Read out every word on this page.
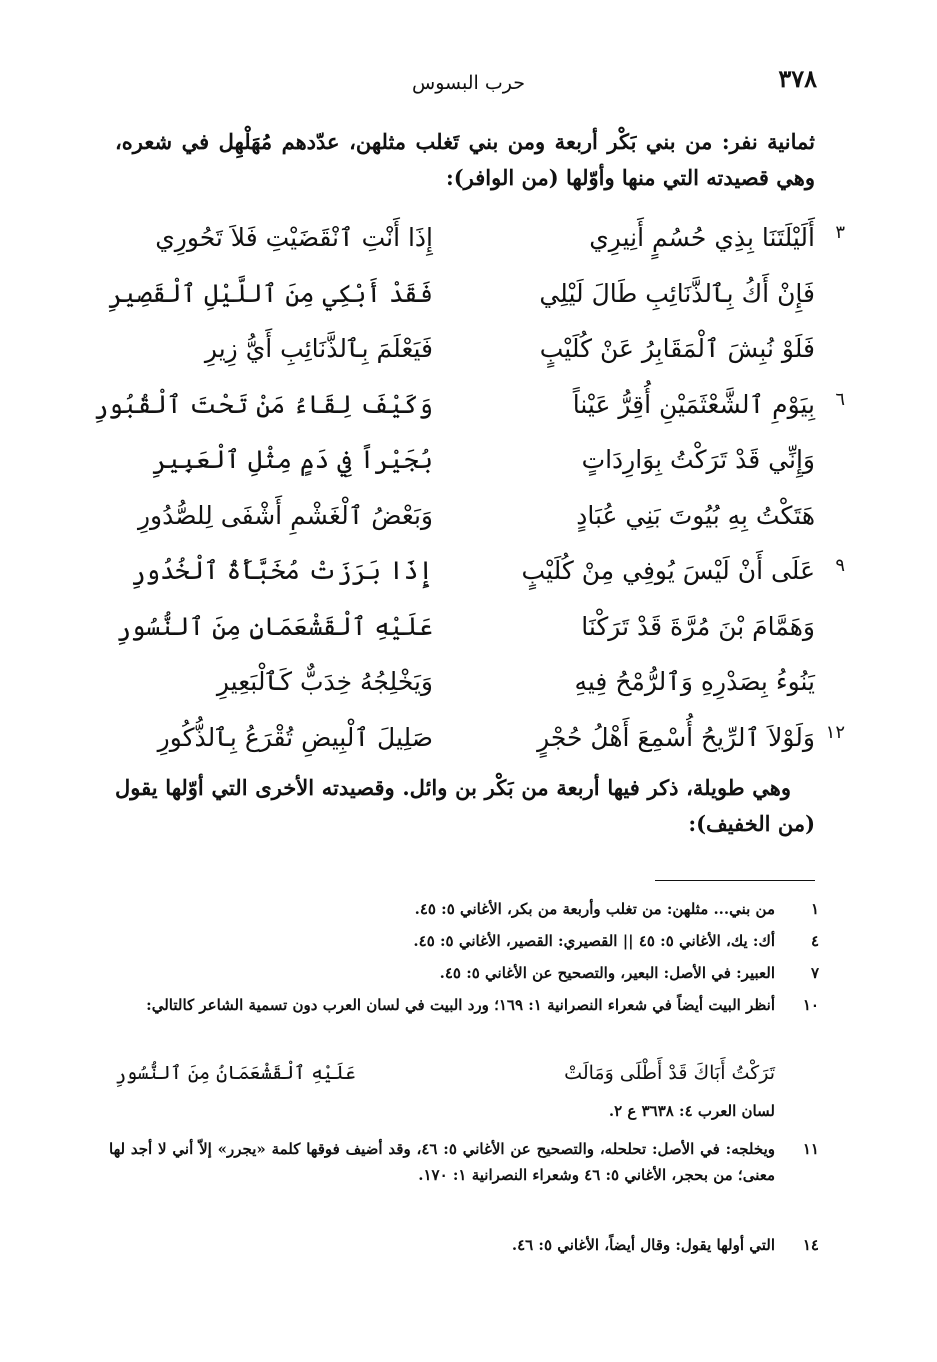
٣٧٨
حرب البسوس
ثمانية نفر: من بني بَكْر أربعة ومن بني تَغلب مثلهن، عدّدهم مُهَلْهِل في شعره، وهي قصيدته التي منها وأوّلها (من الوافر):
٣
أَلَيْلَتَنَا بِذِي حُسُمٍ أَنِيرِي
إِذَا أَنْتِ ٱنْقَضَيْتِ فَلاَ تَحُورِي
فَإِنْ أَكُ بِٱلذَّنَائِبِ طَالَ لَيْلِي
فَقَدْ أَبْكِي مِنَ ٱللَّيْلِ ٱلْقَصِيرِ
فَلَوْ نُبِشَ ٱلْمَقَابِرُ عَنْ كُلَيْبٍ
فَيَعْلَمَ بِٱلذَّنَائِبِ أَيُّ زِيرِ
٦
بِيَوْمِ ٱلشَّعْثَمَيْنِ أُقِرُّ عَيْناً
وَكَيْفَ لِقَاءُ مَنْ تَحْتَ ٱلْقُبُورِ
وَإِنِّي قَدْ تَرَكْتُ بِوَارِدَاتٍ
بُجَيْراً فِي دَمٍ مِثْلِ ٱلْعَبِيرِ
هَتَكْتُ بِهِ بُيُوتَ بَنِي عُبَادٍ
وَبَعْضُ ٱلْغَشْمِ أَشْفَى لِلصُّدُورِ
٩
عَلَى أَنْ لَيْسَ يُوفِي مِنْ كُلَيْبٍ
إِذَا بَرَزَتْ مُخَبَّأَةُ ٱلْخُدُورِ
وَهَمَّامَ بْنَ مُرَّةَ قَدْ تَرَكْنَا
عَلَيْهِ ٱلْقَشْعَمَانِ مِنَ ٱلنُّسُورِ
يَنُوءُ بِصَدْرِهِ وَٱلرُّمْحُ فِيهِ
وَيَخْلِجُهُ خِدَبٌّ كَٱلْبَعِيرِ
١٢
وَلَوْلاَ ٱلرِّيحُ أُسْمِعَ أَهْلُ حُجْرٍ
صَلِيلَ ٱلْبِيضِ تُقْرَعُ بِٱلذُّكُورِ
وهي طويلة، ذكر فيها أربعة من بَكْر بن وائل. وقصيدته الأخرى التي أوّلها يقول (من الخفيف):
١
من بني... مثلهن: من تغلب وأربعة من بكر، الأغاني ٥: ٤٥.
٤
أك: يك، الأغاني ٥: ٤٥ || القصيري: القصير، الأغاني ٥: ٤٥.
٧
العبير: في الأصل: البعير، والتصحيح عن الأغاني ٥: ٤٥.
١٠
أنظر البيت أيضاً في شعراء النصرانية ١: ١٦٩؛ ورد البيت في لسان العرب دون تسمية الشاعر كالتالي:
تَرَكْتُ أَبَاكَ قَدْ أَطْلَى وَمَالَتْ
عَلَيْهِ ٱلْقَشْعَمَانُ مِنَ ٱلنُّسُورِ
لسان العرب ٤: ٣٦٣٨ ع ٢.
١١
ويخلجه: في الأصل: تحلحله، والتصحيح عن الأغاني ٥: ٤٦، وقد أضيف فوقها كلمة «يجرر» إلاّ أني لا أجد لها معنى؛ من بحجر، الأغاني ٥: ٤٦ وشعراء النصرانية ١: ١٧٠.
١٤
التي أولها يقول: وقال أيضاً، الأغاني ٥: ٤٦.
